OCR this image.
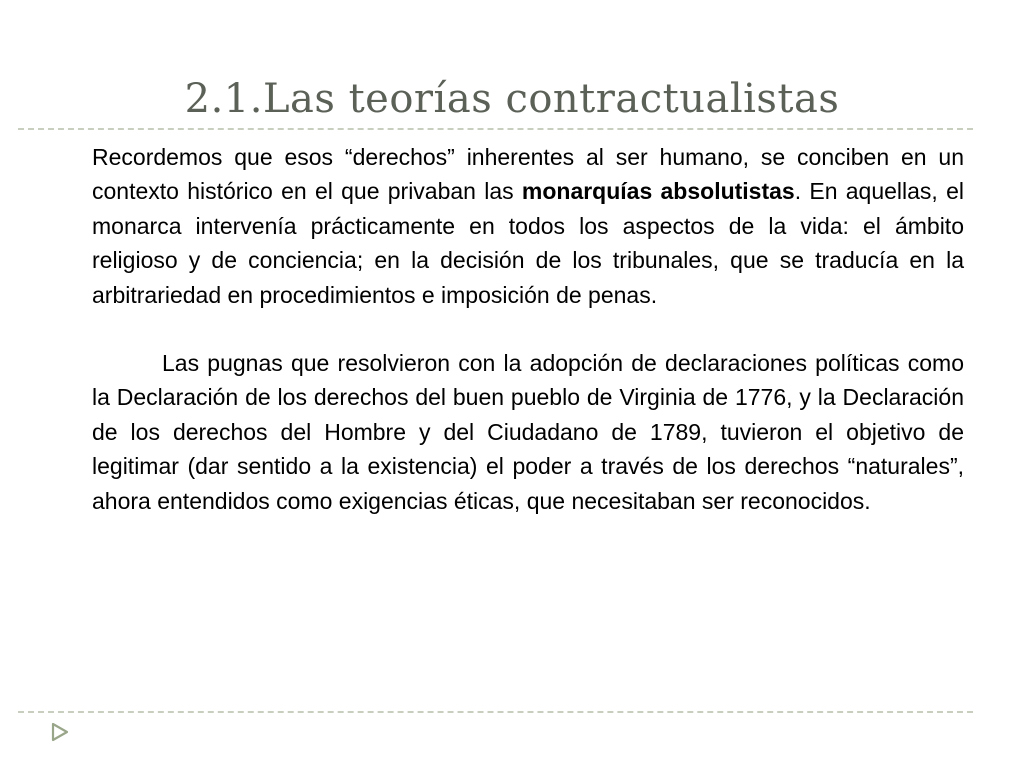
2.1.Las teorías contractualistas

Recordemos que esos “derechos” inherentes al ser humano, se conciben en un contexto histórico en el que privaban las monarquías absolutistas. En aquellas, el monarca intervenía prácticamente en todos los aspectos de la vida: el ámbito religioso y de conciencia; en la decisión de los tribunales, que se traducía en la arbitrariedad en procedimientos e imposición de penas.

Las pugnas que resolvieron con la adopción de declaraciones políticas como la Declaración de los derechos del buen pueblo de Virginia de 1776, y la Declaración de los derechos del Hombre y del Ciudadano de 1789, tuvieron el objetivo de legitimar (dar sentido a la existencia) el poder a través de los derechos “naturales”, ahora entendidos como exigencias éticas, que necesitaban ser reconocidos.
